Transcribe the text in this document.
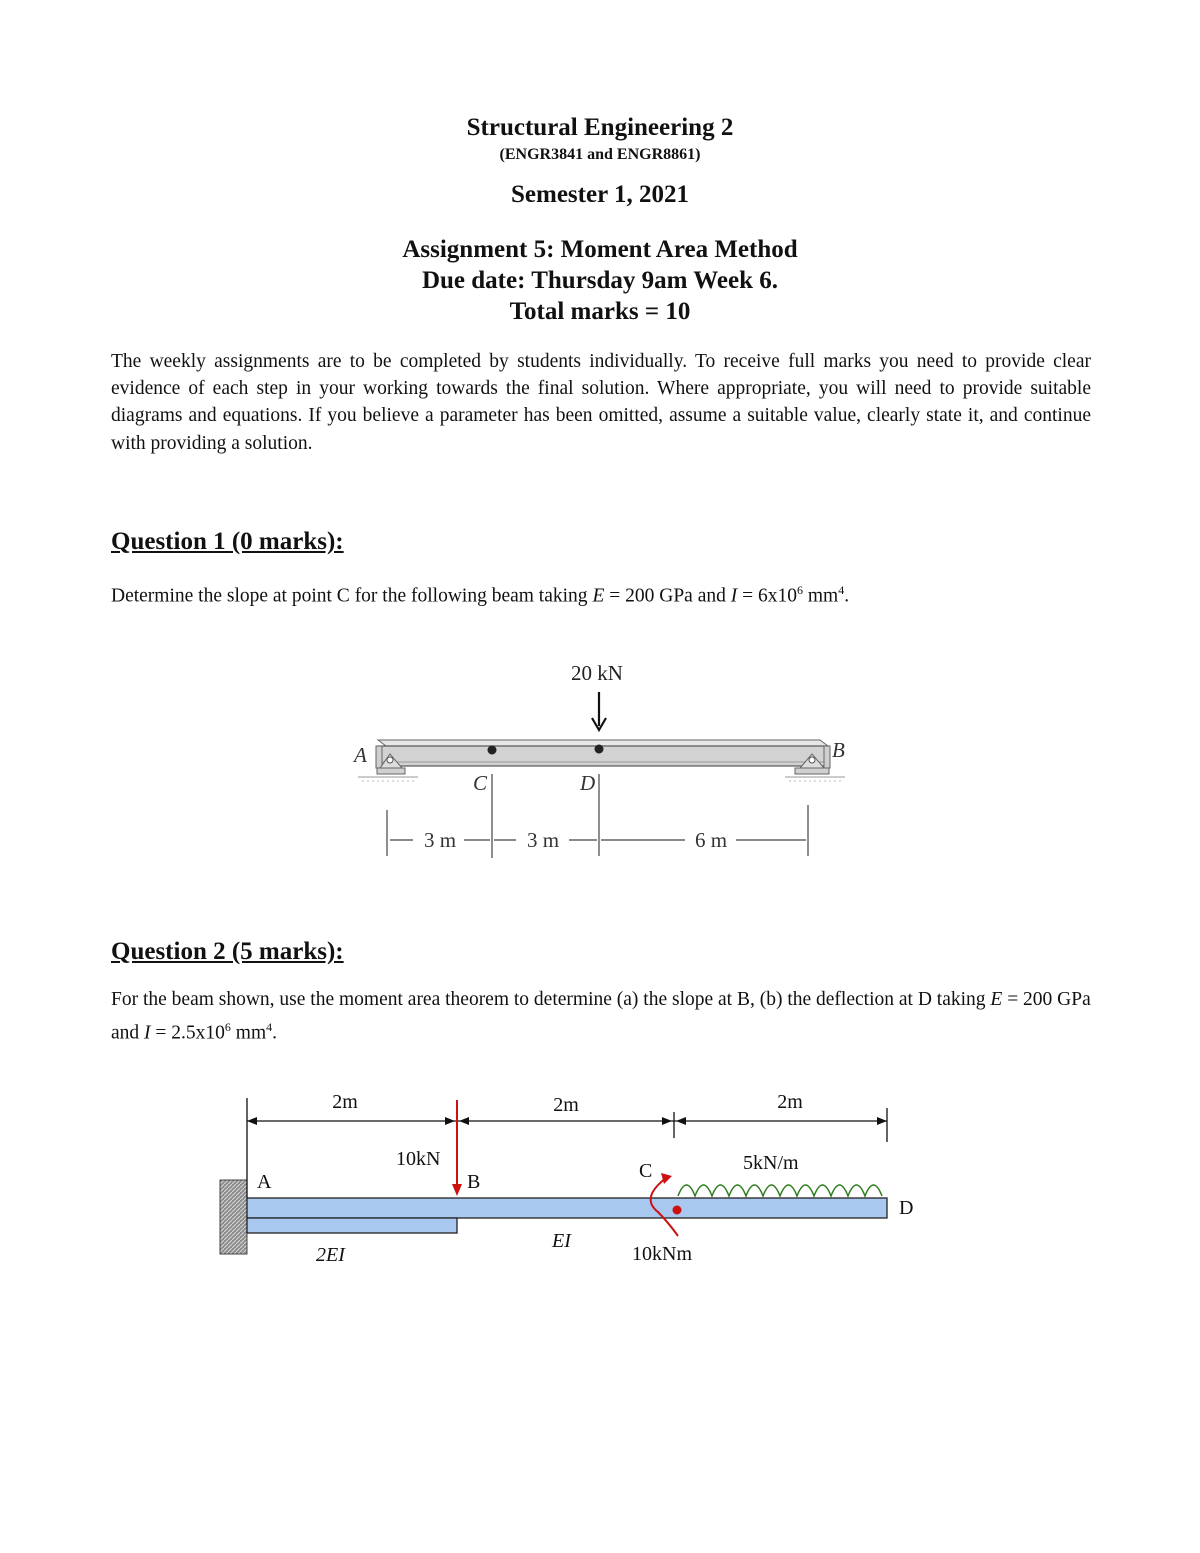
Structural Engineering 2
(ENGR3841 and ENGR8861)
Semester 1, 2021
Assignment 5: Moment Area Method
Due date: Thursday 9am Week 6.
Total marks = 10
The weekly assignments are to be completed by students individually. To receive full marks you need to provide clear evidence of each step in your working towards the final solution. Where appropriate, you will need to provide suitable diagrams and equations. If you believe a parameter has been omitted, assume a suitable value, clearly state it, and continue with providing a solution.
Question 1 (0 marks):
Determine the slope at point C for the following beam taking E = 200 GPa and $I = 6x10^6$ $mm^4$.
20 kN
A	B
C	D
3 m	3 m	6 m
Question 2 (5 marks):
For the beam shown, use the moment area theorem to determine (a) the slope at B, (b) the deflection at D taking E = 200 GPa and $I = 2.5x10^6$ $mm^4$.
2m	2m	2m
10kN	5kN/m
10kNm
A	B	C
D
2EI
EI
